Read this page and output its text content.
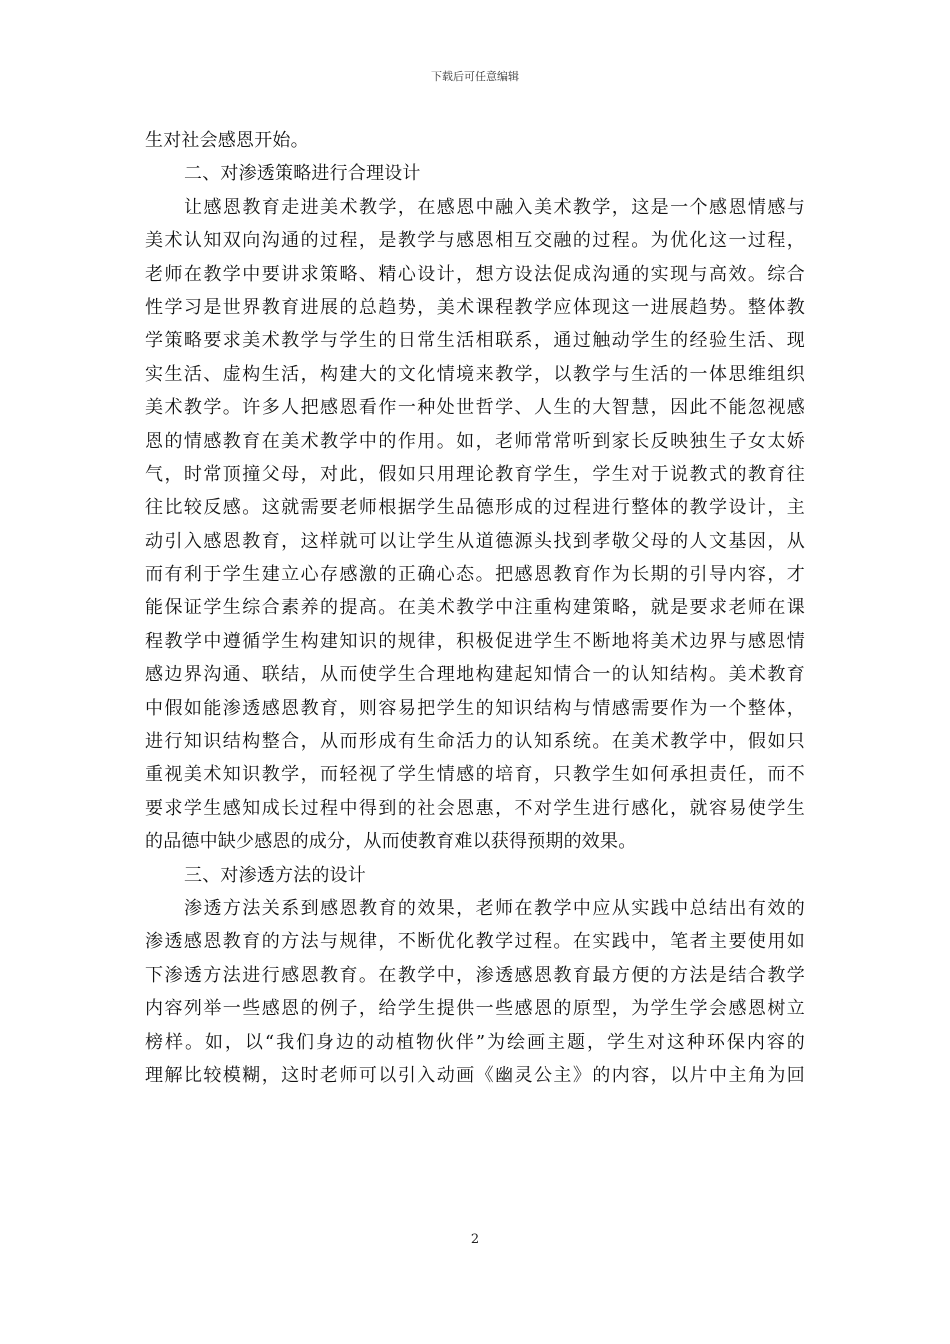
下载后可任意编辑
生对社会感恩开始。
二、对渗透策略进行合理设计
让感恩教育走进美术教学，在感恩中融入美术教学，这是一个感恩情感与
美术认知双向沟通的过程，是教学与感恩相互交融的过程。为优化这一过程，
老师在教学中要讲求策略、精心设计，想方设法促成沟通的实现与高效。综合
性学习是世界教育进展的总趋势，美术课程教学应体现这一进展趋势。整体教
学策略要求美术教学与学生的日常生活相联系，通过触动学生的经验生活、现
实生活、虚构生活，构建大的文化情境来教学，以教学与生活的一体思维组织
美术教学。许多人把感恩看作一种处世哲学、人生的大智慧，因此不能忽视感
恩的情感教育在美术教学中的作用。如，老师常常听到家长反映独生子女太娇
气，时常顶撞父母，对此，假如只用理论教育学生，学生对于说教式的教育往
往比较反感。这就需要老师根据学生品德形成的过程进行整体的教学设计，主
动引入感恩教育，这样就可以让学生从道德源头找到孝敬父母的人文基因，从
而有利于学生建立心存感激的正确心态。把感恩教育作为长期的引导内容，才
能保证学生综合素养的提高。在美术教学中注重构建策略，就是要求老师在课
程教学中遵循学生构建知识的规律，积极促进学生不断地将美术边界与感恩情
感边界沟通、联结，从而使学生合理地构建起知情合一的认知结构。美术教育
中假如能渗透感恩教育，则容易把学生的知识结构与情感需要作为一个整体，
进行知识结构整合，从而形成有生命活力的认知系统。在美术教学中，假如只
重视美术知识教学，而轻视了学生情感的培育，只教学生如何承担责任，而不
要求学生感知成长过程中得到的社会恩惠，不对学生进行感化，就容易使学生
的品德中缺少感恩的成分，从而使教育难以获得预期的效果。
三、对渗透方法的设计
渗透方法关系到感恩教育的效果，老师在教学中应从实践中总结出有效的
渗透感恩教育的方法与规律，不断优化教学过程。在实践中，笔者主要使用如
下渗透方法进行感恩教育。在教学中，渗透感恩教育最方便的方法是结合教学
内容列举一些感恩的例子，给学生提供一些感恩的原型，为学生学会感恩树立
榜样。如，以“我们身边的动植物伙伴”为绘画主题，学生对这种环保内容的
理解比较模糊，这时老师可以引入动画《幽灵公主》的内容，以片中主角为回
2
